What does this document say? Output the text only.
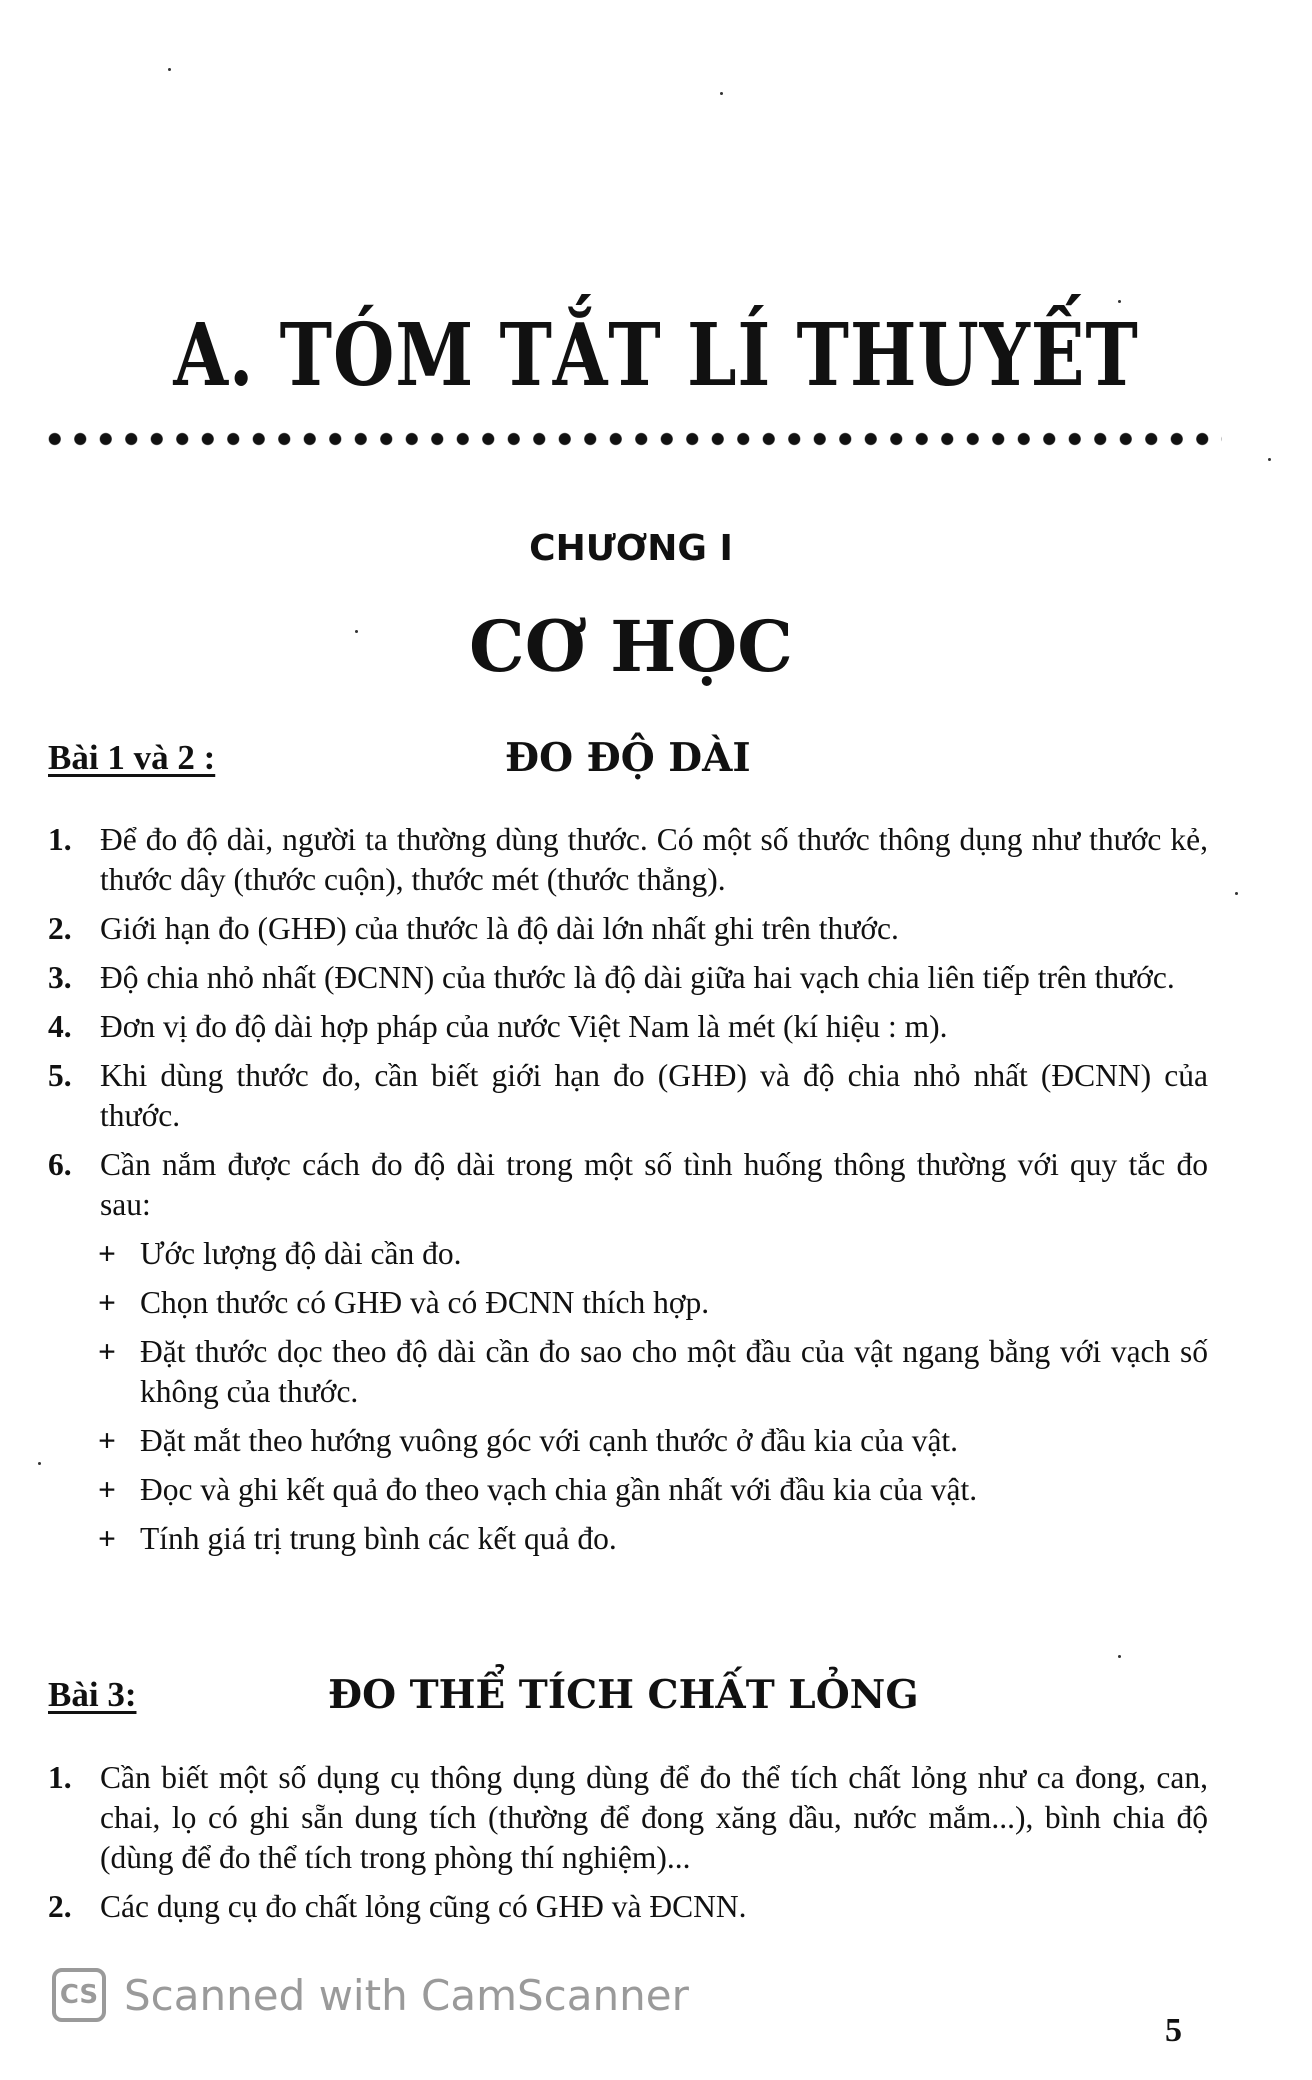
A. TÓM TẮT LÍ THUYẾT
CHƯƠNG I
CƠ HỌC
Bài 1 và 2 :	ĐO ĐỘ DÀI
1. Để đo độ dài, người ta thường dùng thước. Có một số thước thông dụng như thước kẻ, thước dây (thước cuộn), thước mét (thước thẳng).
2. Giới hạn đo (GHĐ) của thước là độ dài lớn nhất ghi trên thước.
3. Độ chia nhỏ nhất (ĐCNN) của thước là độ dài giữa hai vạch chia liên tiếp trên thước.
4. Đơn vị đo độ dài hợp pháp của nước Việt Nam là mét (kí hiệu : m).
5. Khi dùng thước đo, cần biết giới hạn đo (GHĐ) và độ chia nhỏ nhất (ĐCNN) của thước.
6. Cần nắm được cách đo độ dài trong một số tình huống thông thường với quy tắc đo sau:
+ Ước lượng độ dài cần đo.
+ Chọn thước có GHĐ và có ĐCNN thích hợp.
+ Đặt thước dọc theo độ dài cần đo sao cho một đầu của vật ngang bằng với vạch số không của thước.
+ Đặt mắt theo hướng vuông góc với cạnh thước ở đầu kia của vật.
+ Đọc và ghi kết quả đo theo vạch chia gần nhất với đầu kia của vật.
+ Tính giá trị trung bình các kết quả đo.
Bài 3:	ĐO THỂ TÍCH CHẤT LỎNG
1. Cần biết một số dụng cụ thông dụng dùng để đo thể tích chất lỏng như ca đong, can, chai, lọ có ghi sẵn dung tích (thường để đong xăng dầu, nước mắm...), bình chia độ (dùng để đo thể tích trong phòng thí nghiệm)...
2. Các dụng cụ đo chất lỏng cũng có GHĐ và ĐCNN.
CS Scanned with CamScanner
5
